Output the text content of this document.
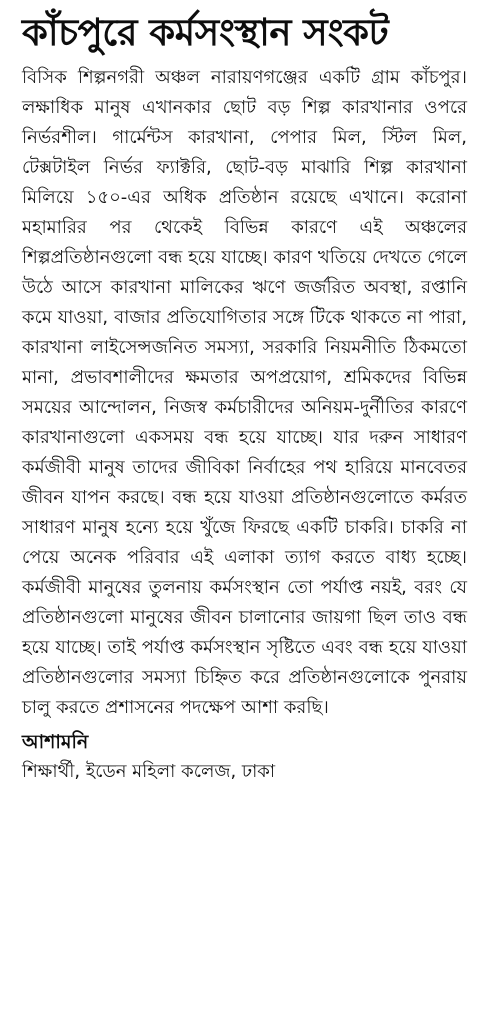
কাঁচপুরে কর্মসংস্থান সংকট

বিসিক শিল্পনগরী অঞ্চল নারায়ণগঞ্জের একটি গ্রাম কাঁচপুর। লক্ষাধিক মানুষ এখানকার ছোট বড় শিল্প কারখানার ওপরে নির্ভরশীল। গার্মেন্টস কারখানা, পেপার মিল, স্টিল মিল, টেক্সটাইল নির্ভর ফ্যাক্টরি, ছোট-বড় মাঝারি শিল্প কারখানা মিলিয়ে ১৫০-এর অধিক প্রতিষ্ঠান রয়েছে এখানে। করোনা মহামারির পর থেকেই বিভিন্ন কারণে এই অঞ্চলের শিল্পপ্রতিষ্ঠানগুলো বন্ধ হয়ে যাচ্ছে। কারণ খতিয়ে দেখতে গেলে উঠে আসে কারখানা মালিকের ঋণে জর্জরিত অবস্থা, রপ্তানি কমে যাওয়া, বাজার প্রতিযোগিতার সঙ্গে টিকে থাকতে না পারা, কারখানা লাইসেন্সজনিত সমস্যা, সরকারি নিয়মনীতি ঠিকমতো মানা, প্রভাবশালীদের ক্ষমতার অপপ্রয়োগ, শ্রমিকদের বিভিন্ন সময়ের আন্দোলন, নিজস্ব কর্মচারীদের অনিয়ম-দুর্নীতির কারণে কারখানাগুলো একসময় বন্ধ হয়ে যাচ্ছে। যার দরুন সাধারণ কর্মজীবী মানুষ তাদের জীবিকা নির্বাহের পথ হারিয়ে মানবেতর জীবন যাপন করছে। বন্ধ হয়ে যাওয়া প্রতিষ্ঠানগুলোতে কর্মরত সাধারণ মানুষ হন্যে হয়ে খুঁজে ফিরছে একটি চাকরি। চাকরি না পেয়ে অনেক পরিবার এই এলাকা ত্যাগ করতে বাধ্য হচ্ছে। কর্মজীবী মানুষের তুলনায় কর্মসংস্থান তো পর্যাপ্ত নয়ই, বরং যে প্রতিষ্ঠানগুলো মানুষের জীবন চালানোর জায়গা ছিল তাও বন্ধ হয়ে যাচ্ছে। তাই পর্যাপ্ত কর্মসংস্থান সৃষ্টিতে এবং বন্ধ হয়ে যাওয়া প্রতিষ্ঠানগুলোর সমস্যা চিহ্নিত করে প্রতিষ্ঠানগুলোকে পুনরায় চালু করতে প্রশাসনের পদক্ষেপ আশা করছি।

আশামনি
শিক্ষার্থী, ইডেন মহিলা কলেজ, ঢাকা
